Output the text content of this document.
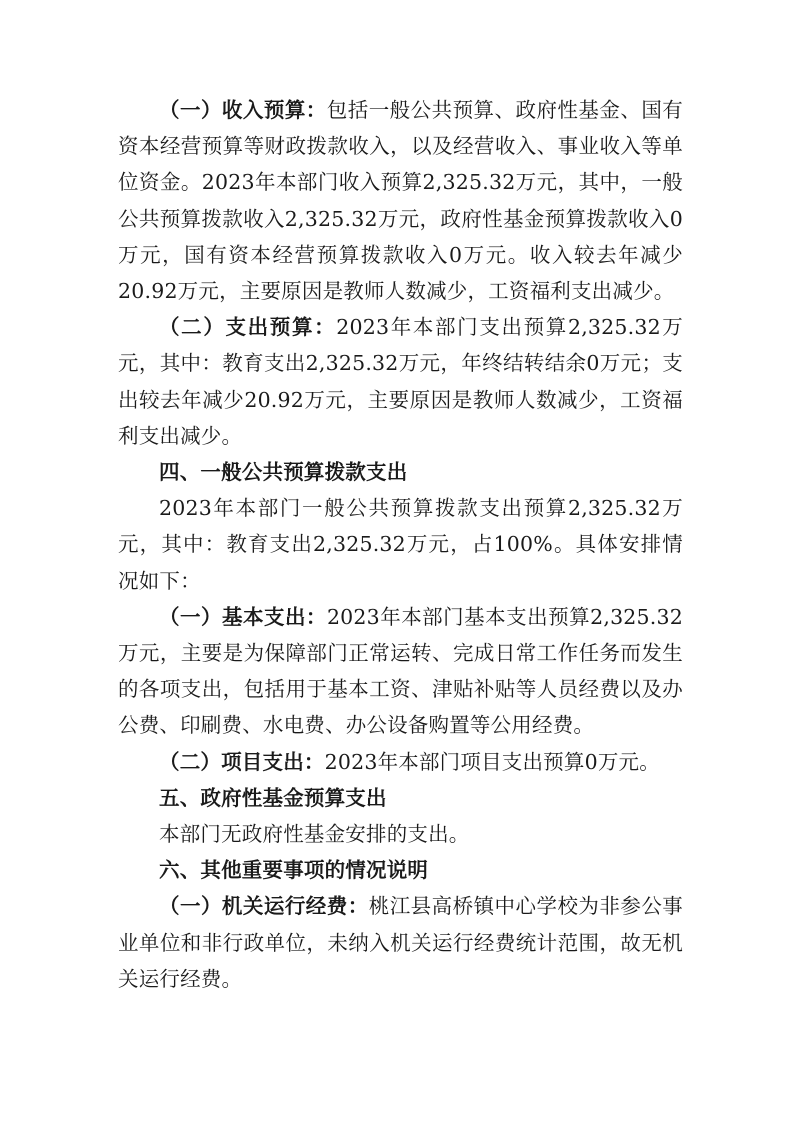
（一）收入预算：包括一般公共预算、政府性基金、国有资本经营预算等财政拨款收入，以及经营收入、事业收入等单位资金。2023年本部门收入预算2,325.32万元，其中，一般公共预算拨款收入2,325.32万元，政府性基金预算拨款收入0万元，国有资本经营预算拨款收入0万元。收入较去年减少20.92万元，主要原因是教师人数减少，工资福利支出减少。

（二）支出预算：2023年本部门支出预算2,325.32万元，其中：教育支出2,325.32万元，年终结转结余0万元；支出较去年减少20.92万元，主要原因是教师人数减少，工资福利支出减少。

四、一般公共预算拨款支出

2023年本部门一般公共预算拨款支出预算2,325.32万元，其中：教育支出2,325.32万元，占100%。具体安排情况如下：

（一）基本支出：2023年本部门基本支出预算2,325.32万元，主要是为保障部门正常运转、完成日常工作任务而发生的各项支出，包括用于基本工资、津贴补贴等人员经费以及办公费、印刷费、水电费、办公设备购置等公用经费。

（二）项目支出：2023年本部门项目支出预算0万元。

五、政府性基金预算支出

本部门无政府性基金安排的支出。

六、其他重要事项的情况说明

（一）机关运行经费：桃江县高桥镇中心学校为非参公事业单位和非行政单位，未纳入机关运行经费统计范围，故无机关运行经费。
